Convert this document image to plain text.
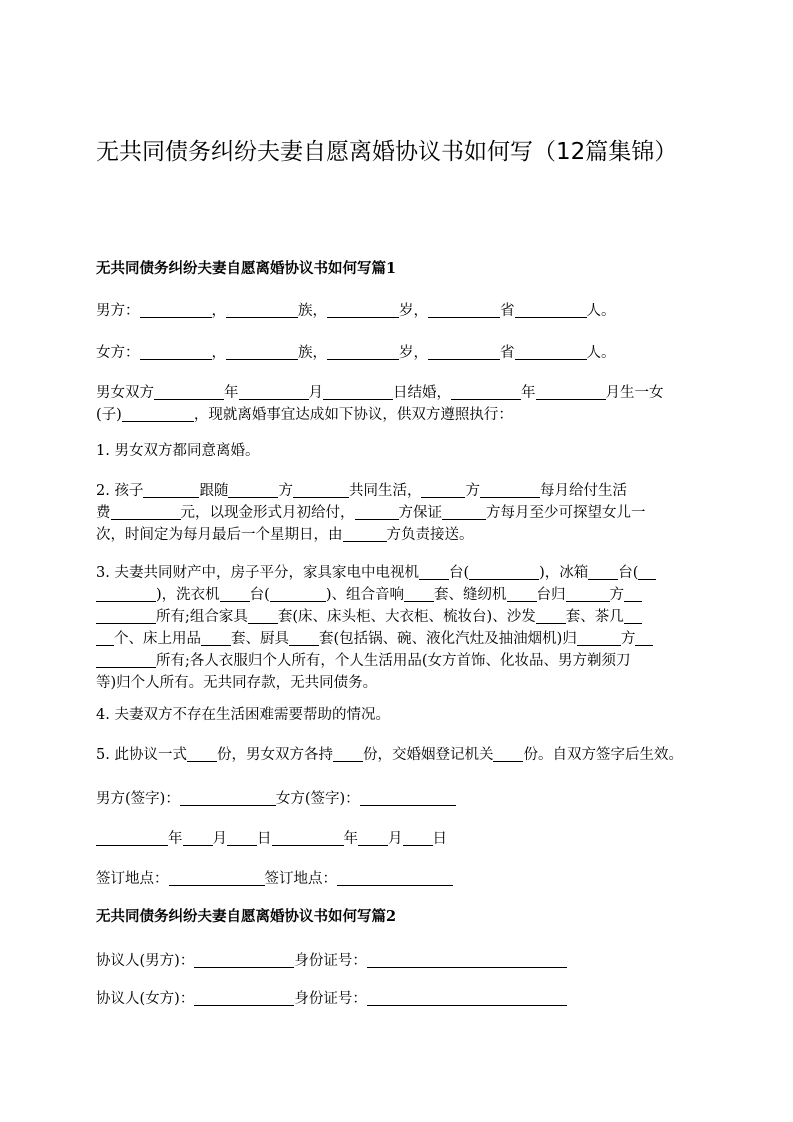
无共同债务纠纷夫妻自愿离婚协议书如何写（12篇集锦）
无共同债务纠纷夫妻自愿离婚协议书如何写篇1

男方：	，	族，	岁，	省	人。

女方：	，	族，	岁，	省	人。

男女双方	年	月	日结婚，	年	月生一女
(子)	，现就离婚事宜达成如下协议，供双方遵照执行：

1. 男女双方都同意离婚。

2. 孩子	跟随	方	共同生活，	方	每月给付生活
费	元，以现金形式月初给付，	方保证	方每月至少可探望女儿一
次，时间定为每月最后一个星期日，由	方负责接送。

3. 夫妻共同财产中，房子平分，家具家电中电视机 台(	)，冰箱 台(
)，洗衣机 台(	)、组合音响 套、缝纫机 台归	方
所有;组合家具 套(床、床头柜、大衣柜、梳妆台)、沙发 套、茶几
个、床上用品 套、厨具 套(包括锅、碗、液化汽灶及抽油烟机)归	方
所有;各人衣服归个人所有，个人生活用品(女方首饰、化妆品、男方剃须刀
等)归个人所有。无共同存款，无共同债务。

4. 夫妻双方不存在生活困难需要帮助的情况。

5. 此协议一式 份，男女双方各持 份，交婚姻登记机关 份。自双方签字后生效。

男方(签字)：	女方(签字)：

年 月 日	年 月 日

签订地点：	签订地点：

无共同债务纠纷夫妻自愿离婚协议书如何写篇2

协议人(男方)：	身份证号：

协议人(女方)：	身份证号：
